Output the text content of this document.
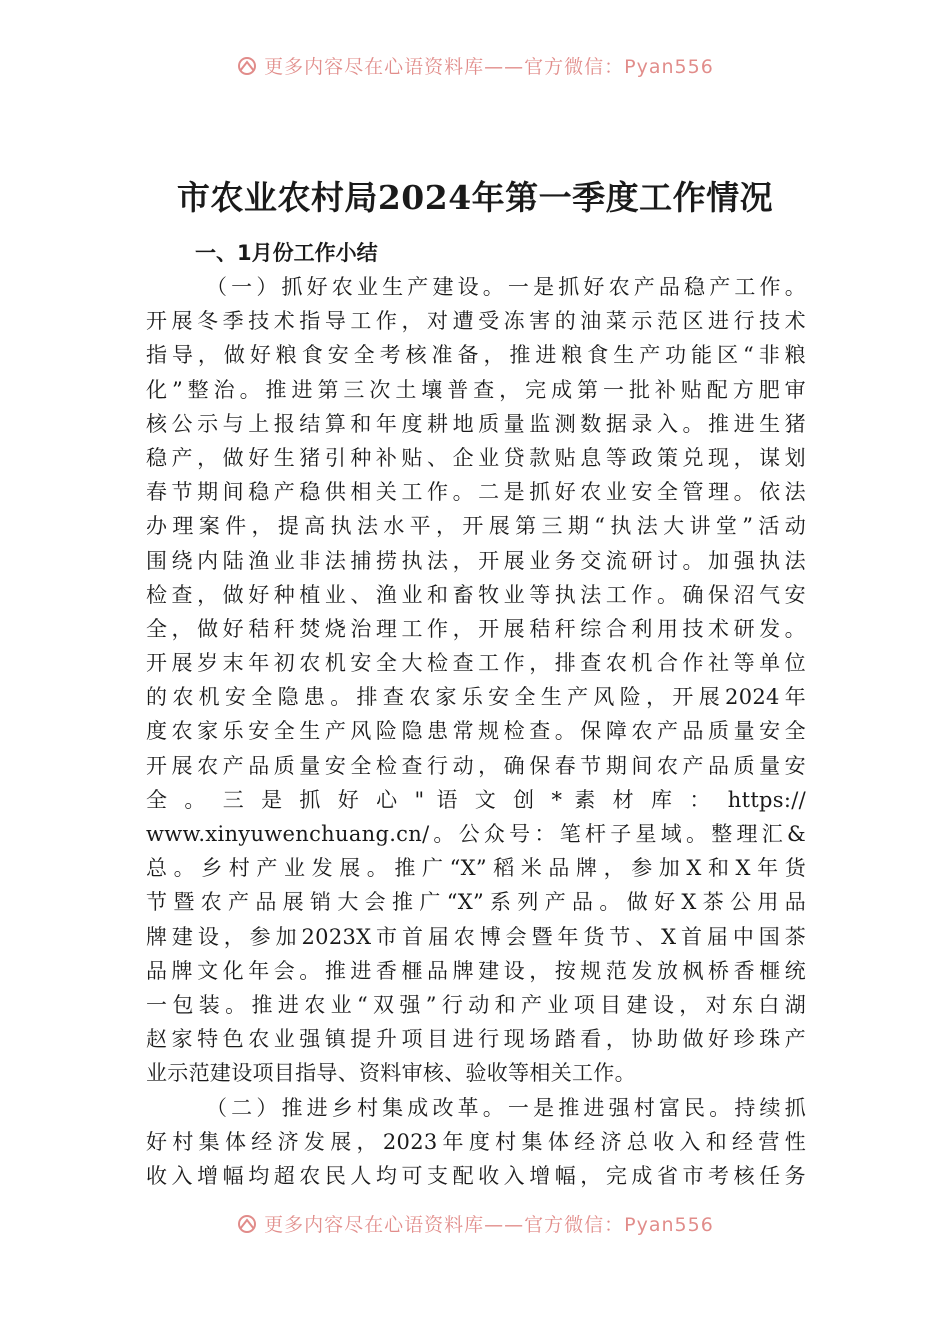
更多内容尽在心语资料库——官方微信：Pyan556
市农业农村局2024年第一季度工作情况
一、1月份工作小结
（一）抓好农业生产建设。一是抓好农产品稳产工作。
开展冬季技术指导工作，对遭受冻害的油菜示范区进行技术
指导，做好粮食安全考核准备，推进粮食生产功能区“非粮
化”整治。推进第三次土壤普查，完成第一批补贴配方肥审
核公示与上报结算和年度耕地质量监测数据录入。推进生猪
稳产，做好生猪引种补贴、企业贷款贴息等政策兑现，谋划
春节期间稳产稳供相关工作。二是抓好农业安全管理。依法
办理案件，提高执法水平，开展第三期“执法大讲堂”活动
围绕内陆渔业非法捕捞执法，开展业务交流研讨。加强执法
检查，做好种植业、渔业和畜牧业等执法工作。确保沼气安
全，做好秸秆焚烧治理工作，开展秸秆综合利用技术研发。
开展岁末年初农机安全大检查工作，排查农机合作社等单位
的农机安全隐患。排查农家乐安全生产风险，开展2024年
度农家乐安全生产风险隐患常规检查。保障农产品质量安全
开展农产品质量安全检查行动，确保春节期间农产品质量安
全 。 三 是 抓 好 心 " 语 文 创 * 素 材 库 ： https://
www.xinyuwenchuang.cn/。公众号：笔杆子星域。整理汇&
总。乡村产业发展。推广“X”稻米品牌，参加X和X年货
节暨农产品展销大会推广“X”系列产品。做好X茶公用品
牌建设，参加2023X市首届农博会暨年货节、X首届中国茶
品牌文化年会。推进香榧品牌建设，按规范发放枫桥香榧统
一包装。推进农业“双强”行动和产业项目建设，对东白湖
赵家特色农业强镇提升项目进行现场踏看，协助做好珍珠产
业示范建设项目指导、资料审核、验收等相关工作。
（二）推进乡村集成改革。一是推进强村富民。持续抓
好村集体经济发展，2023年度村集体经济总收入和经营性
收入增幅均超农民人均可支配收入增幅，完成省市考核任务
更多内容尽在心语资料库——官方微信：Pyan556
